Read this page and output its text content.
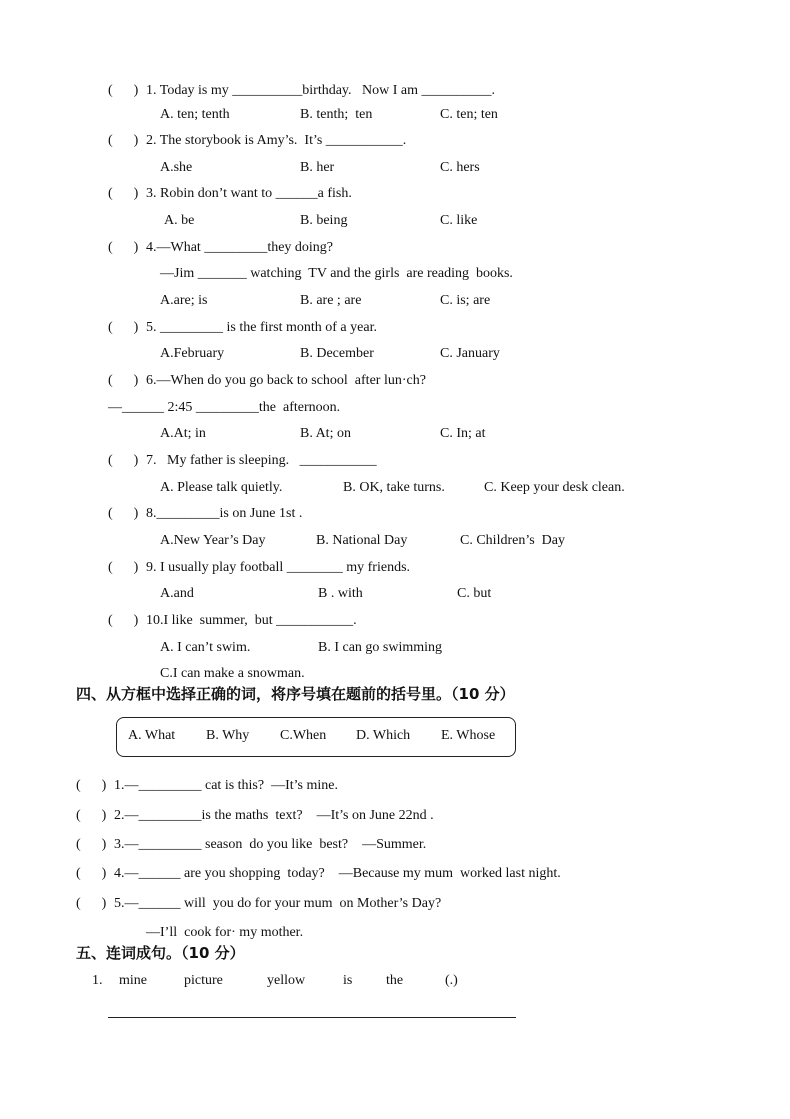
(      ) 1. Today is my __________birthday.   Now I am __________.
A. ten; tenth	B. tenth;  ten	C. ten; ten
(      ) 2. The storybook is Amy’s.  It’s ___________.
A.she	B. her	C. hers
(      ) 3. Robin don’t want to ______a fish.
A. be	B. being	C. like
(      ) 4.—What _________they doing?
—Jim _______ watching  TV and the girls  are reading  books.
A.are; is	B. are ; are	C. is; are
(      ) 5. _________ is the first month of a year.
A.February	B. December	C. January
(      ) 6.—When do you go back to school  after lun·ch?
—______ 2:45 _________the  afternoon.
A.At; in	B. At; on	C. In; at
(      ) 7.   My father is sleeping.   ___________
A. Please talk quietly.	B. OK, take turns.	C. Keep your desk clean.
(      ) 8._________is on June 1st .
A.New Year’s Day	B. National Day	C. Children’s  Day
(      ) 9. I usually play football ________ my friends.
A.and	B . with	C. but
(      ) 10.I like  summer,  but ___________.
A. I can’t swim.	B. I can go swimming
C.I can make a snowman.
四、从方框中选择正确的词，将序号填在题前的括号里。（10 分）
A. What B. Why C.When D. Which E. Whose
(      ) 1.—_________ cat is this?  —It’s mine.
(      ) 2.—_________is the maths  text?    —It’s on June 22nd .
(      ) 3.—_________ season  do you like  best?    —Summer.
(      ) 4.—______ are you shopping  today?    —Because my mum  worked last night.
(      ) 5.—______ will  you do for your mum  on Mother’s Day?
—I’ll  cook for· my mother.
五、连词成句。（10 分）
1. mine	picture	yellow	is the	(.)
